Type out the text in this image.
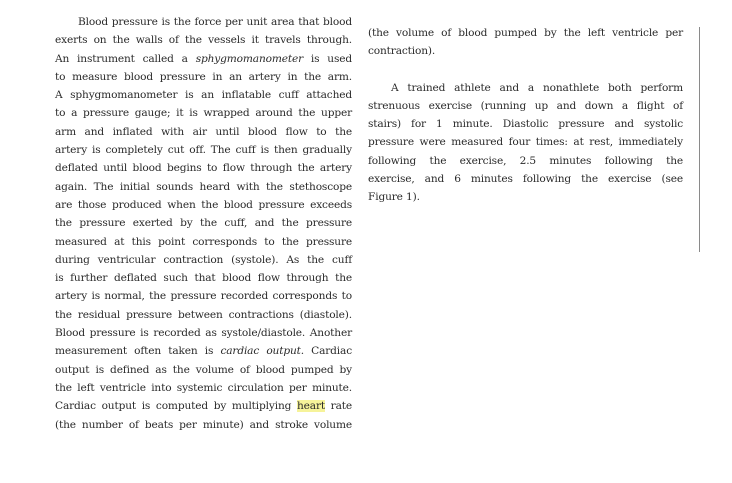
Blood pressure is the force per unit area that blood
exerts on the walls of the vessels it travels through.
An instrument called a sphygmomanometer is used
to measure blood pressure in an artery in the arm.
A sphygmomanometer is an inflatable cuff attached
to a pressure gauge; it is wrapped around the upper
arm and inflated with air until blood flow to the
artery is completely cut off. The cuff is then gradually
deflated until blood begins to flow through the artery
again. The initial sounds heard with the stethoscope
are those produced when the blood pressure exceeds
the pressure exerted by the cuff, and the pressure
measured at this point corresponds to the pressure
during ventricular contraction (systole). As the cuff
is further deflated such that blood flow through the
artery is normal, the pressure recorded corresponds to
the residual pressure between contractions (diastole).
Blood pressure is recorded as systole/diastole. Another
measurement often taken is cardiac output. Cardiac
output is defined as the volume of blood pumped by
the left ventricle into systemic circulation per minute.
Cardiac output is computed by multiplying heart rate
(the number of beats per minute) and stroke volume
(the volume of blood pumped by the left ventricle per
contraction).
A trained athlete and a nonathlete both perform
strenuous exercise (running up and down a flight of
stairs) for 1 minute. Diastolic pressure and systolic
pressure were measured four times: at rest, immediately
following the exercise, 2.5 minutes following the
exercise, and 6 minutes following the exercise (see
Figure 1).
